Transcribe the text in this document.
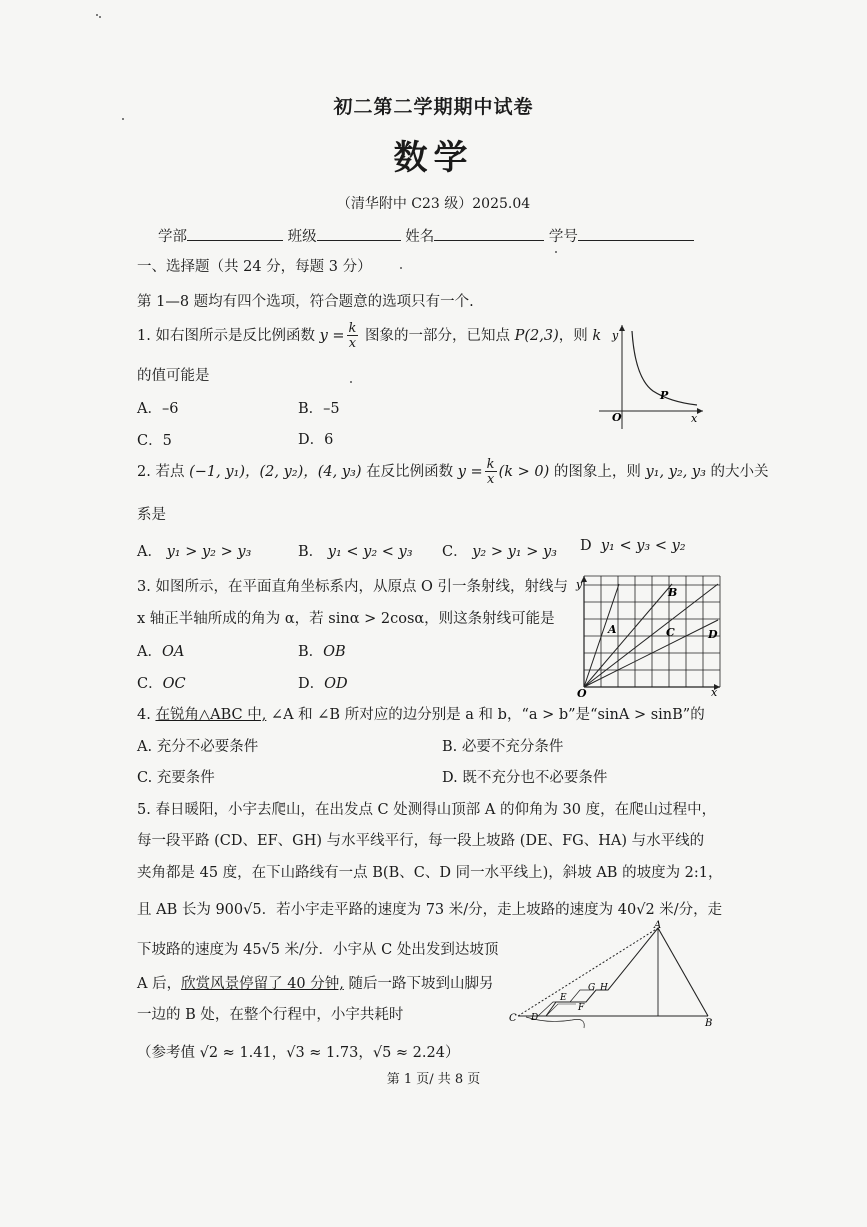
初二第二学期期中试卷
数学
（清华附中 C23 级）2025.04
学部	班级	姓名	学号
一、选择题（共 24 分，每题 3 分）
第 1—8 题均有四个选项，符合题意的选项只有一个.
1. 如右图所示是反比例函数 $y = \frac{k}{x}$ 图象的一部分，已知点 P(2,3)，则 k
的值可能是
A．–6	B．–5
C．5	D．6
y
x
O
P
2. 若点 (−1, y₁)，(2, y₂)，(4, y₃) 在反比例函数 $y = \frac{k}{x} (k > 0)$ 的图象上，则 y₁, y₂, y₃ 的大小关
系是
A． y₁ > y₂ > y₃	B． y₁ < y₂ < y₃ C． y₂ > y₁ > y₃ D y₁ < y₃ < y₂
3. 如图所示，在平面直角坐标系内，从原点 O 引一条射线，射线与
x 轴正半轴所成的角为 α，若 sinα > 2cosα，则这条射线可能是
A．OA	B．OB
C．OC	D．OD
y
x
O
A
B
C	D
4. 在锐角△ABC 中, ∠A 和 ∠B 所对应的边分别是 a 和 b，“a > b”是“sinA > sinB”的
A. 充分不必要条件	B. 必要不充分条件
C. 充要条件	D. 既不充分也不必要条件
5. 春日暖阳，小宇去爬山，在出发点 C 处测得山顶部 A 的仰角为 30 度，在爬山过程中，
每一段平路 (CD、EF、GH) 与水平线平行，每一段上坡路 (DE、FG、HA) 与水平线的
夹角都是 45 度，在下山路线有一点 B(B、C、D 同一水平线上)，斜坡 AB 的坡度为 2:1，
且 AB 长为 900√5．若小宇走平路的速度为 73 米/分，走上坡路的速度为 40√2 米/分，走
下坡路的速度为 45√5 米/分．小宇从 C 处出发到达坡顶
A 后，欣赏风景停留了 40 分钟, 随后一路下坡到山脚另
一边的 B 处，在整个行程中，小宇共耗时
（参考值 √2 ≈ 1.41，√3 ≈ 1.73，√5 ≈ 2.24）
A
B
C D
E
F
G H
第 1 页/ 共 8 页
